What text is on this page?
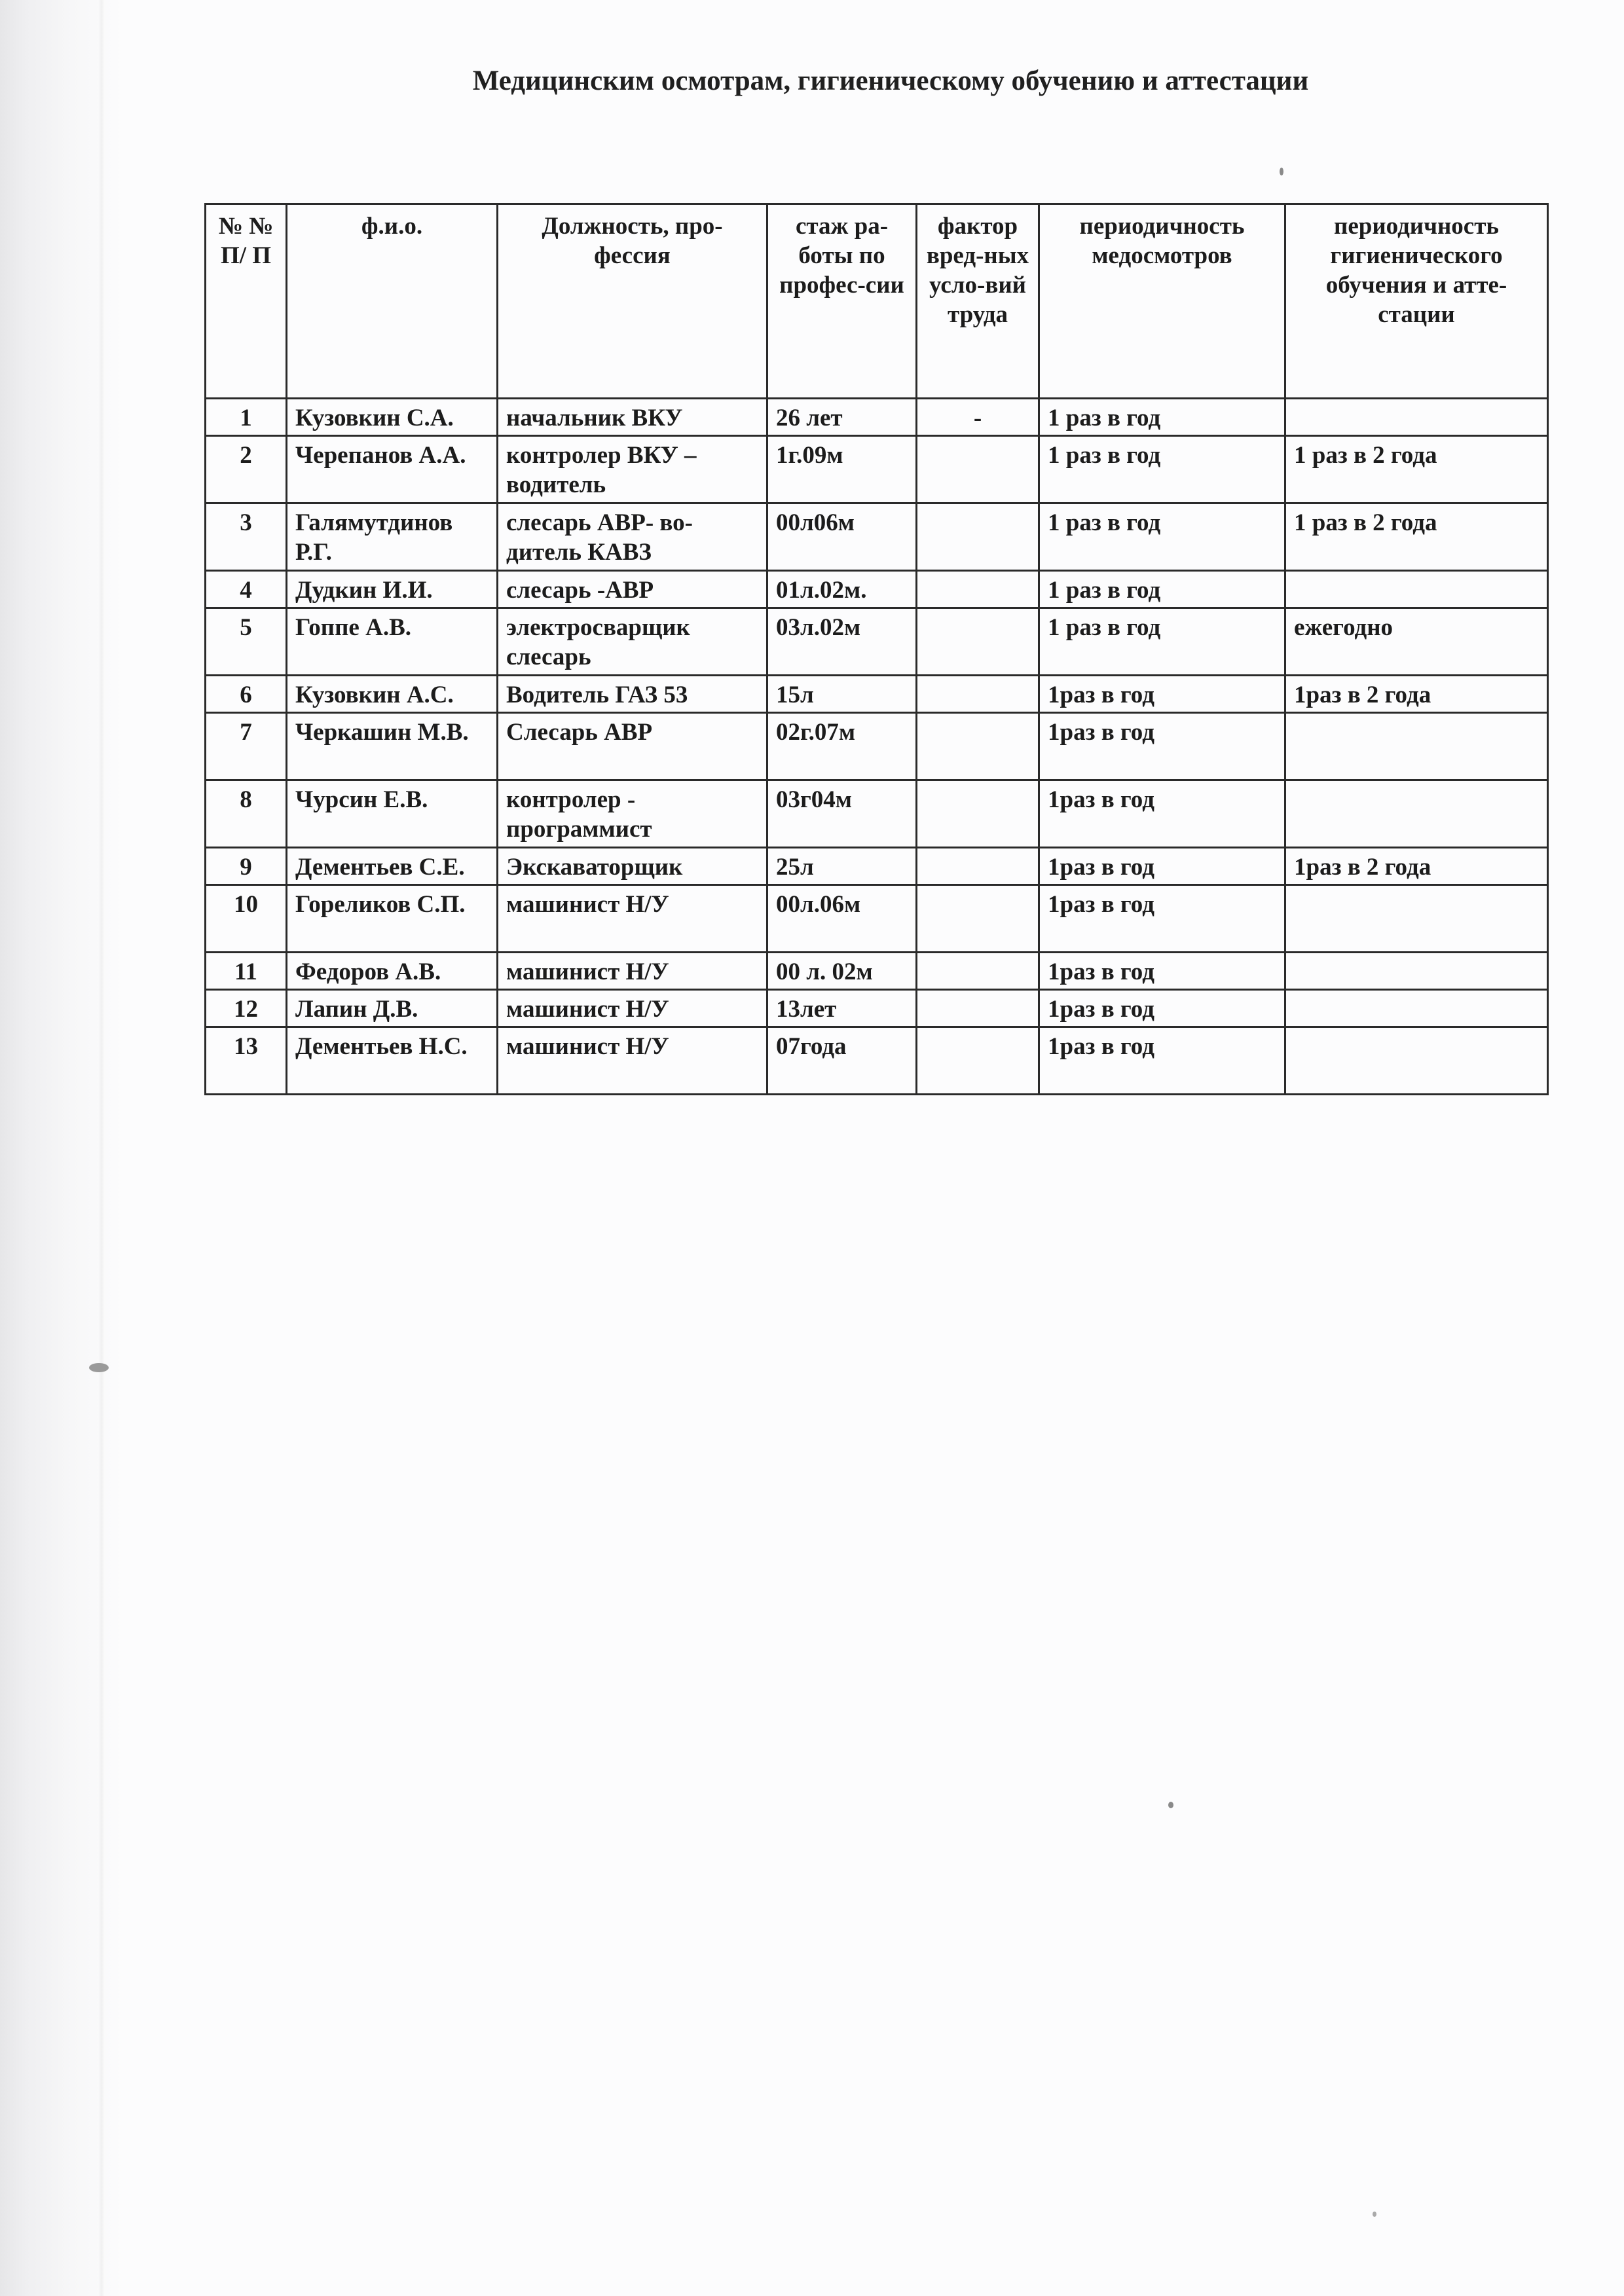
Медицинским осмотрам, гигиеническому обучению и аттестации
№ № П/ П	ф.и.о.	Должность, про-фессия	стаж ра-боты по профес-сии	фактор вред-ных усло-вий труда	периодичность медосмотров	периодичность гигиенического обучения и атте-стации
1	Кузовкин С.А.	начальник ВКУ	26 лет	-	1 раз в год	
2	Черепанов А.А.	контролер ВКУ – водитель	1г.09м		1 раз в год	1 раз в 2 года
3	Галямутдинов Р.Г.	слесарь АВР- во-дитель КАВЗ	00л06м		1 раз в год	1 раз в 2 года
4	Дудкин И.И.	слесарь -АВР	01л.02м.		1 раз в год	
5	Гоппе А.В.	электросварщик слесарь	03л.02м		1 раз в год	ежегодно
6	Кузовкин А.С.	Водитель ГАЗ 53	15л		1раз в год	1раз в 2 года
7	Черкашин М.В.	Слесарь АВР	02г.07м		1раз в год	
8	Чурсин Е.В.	контролер - программист	03г04м		1раз в год	
9	Дементьев С.Е.	Экскаваторщик	25л		1раз в год	1раз в 2 года
10	Гореликов С.П.	машинист Н/У	00л.06м		1раз в год	
11	Федоров А.В.	машинист Н/У	00 л. 02м		1раз в год	
12	Лапин Д.В.	машинист Н/У	13лет		1раз в год	
13	Дементьев Н.С.	машинист Н/У	07года		1раз в год	
